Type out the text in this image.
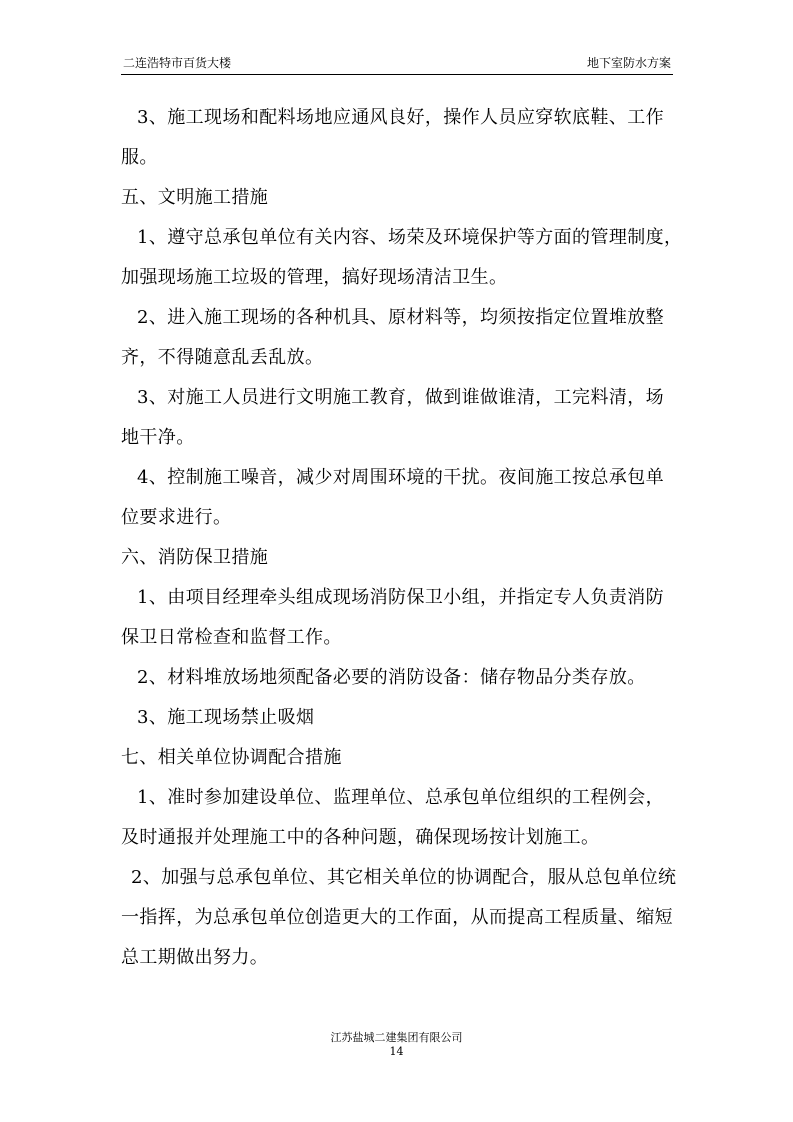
二连浩特市百货大楼	地下室防水方案

3、施工现场和配料场地应通风良好，操作人员应穿软底鞋、工作

服。

五、文明施工措施

1、遵守总承包单位有关内容、场荣及环境保护等方面的管理制度，

加强现场施工垃圾的管理，搞好现场清洁卫生。

2、进入施工现场的各种机具、原材料等，均须按指定位置堆放整

齐，不得随意乱丢乱放。

3、对施工人员进行文明施工教育，做到谁做谁清，工完料清，场

地干净。

4、控制施工噪音，减少对周围环境的干扰。夜间施工按总承包单

位要求进行。

六、消防保卫措施

1、由项目经理牵头组成现场消防保卫小组，并指定专人负责消防

保卫日常检查和监督工作。

2、材料堆放场地须配备必要的消防设备：储存物品分类存放。

3、施工现场禁止吸烟

七、相关单位协调配合措施

1、准时参加建设单位、监理单位、总承包单位组织的工程例会，

及时通报并处理施工中的各种问题，确保现场按计划施工。

2、加强与总承包单位、其它相关单位的协调配合，服从总包单位统

一指挥，为总承包单位创造更大的工作面，从而提高工程质量、缩短

总工期做出努力。

江苏盐城二建集团有限公司
14
